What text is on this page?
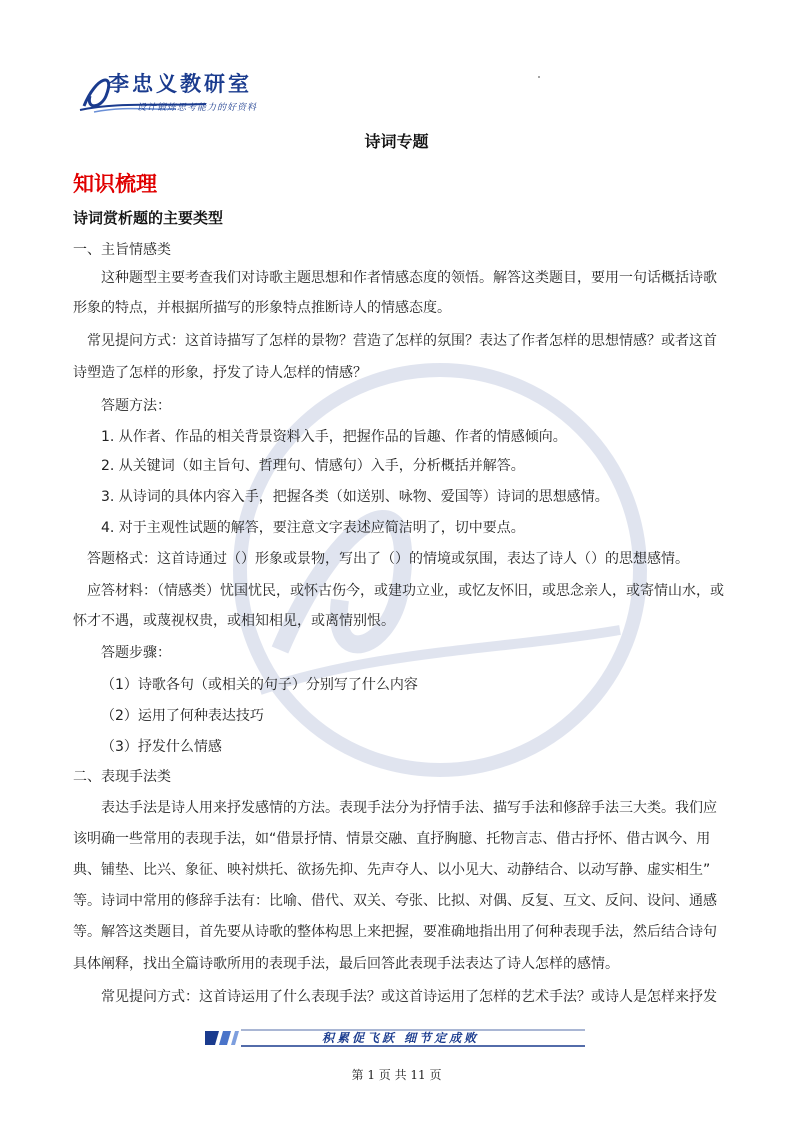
李忠义教研室
设计锻炼思考能力的好资料
诗词专题
知识梳理
诗词赏析题的主要类型
一、主旨情感类
这种题型主要考查我们对诗歌主题思想和作者情感态度的领悟。解答这类题目，要用一句话概括诗歌
形象的特点，并根据所描写的形象特点推断诗人的情感态度。
常见提问方式：这首诗描写了怎样的景物？营造了怎样的氛围？表达了作者怎样的思想情感？或者这首
诗塑造了怎样的形象，抒发了诗人怎样的情感？
答题方法：
1. 从作者、作品的相关背景资料入手，把握作品的旨趣、作者的情感倾向。
2. 从关键词（如主旨句、哲理句、情感句）入手，分析概括并解答。
3. 从诗词的具体内容入手，把握各类（如送别、咏物、爱国等）诗词的思想感情。
4. 对于主观性试题的解答，要注意文字表述应简洁明了，切中要点。
答题格式：这首诗通过（）形象或景物，写出了（）的情境或氛围，表达了诗人（）的思想感情。
应答材料：（情感类）忧国忧民，或怀古伤今，或建功立业，或忆友怀旧，或思念亲人，或寄情山水，或
怀才不遇，或蔑视权贵，或相知相见，或离情别恨。
答题步骤：
（1）诗歌各句（或相关的句子）分别写了什么内容
（2）运用了何种表达技巧
（3）抒发什么情感
二、表现手法类
表达手法是诗人用来抒发感情的方法。表现手法分为抒情手法、描写手法和修辞手法三大类。我们应
该明确一些常用的表现手法，如“借景抒情、情景交融、直抒胸臆、托物言志、借古抒怀、借古讽今、用
典、铺垫、比兴、象征、映衬烘托、欲扬先抑、先声夺人、以小见大、动静结合、以动写静、虚实相生”
等。诗词中常用的修辞手法有：比喻、借代、双关、夸张、比拟、对偶、反复、互文、反问、设问、通感
等。解答这类题目，首先要从诗歌的整体构思上来把握，要准确地指出用了何种表现手法，然后结合诗句
具体阐释，找出全篇诗歌所用的表现手法，最后回答此表现手法表达了诗人怎样的感情。
常见提问方式：这首诗运用了什么表现手法？或这首诗运用了怎样的艺术手法？或诗人是怎样来抒发
积累促飞跃 细节定成败
第 1 页 共 11 页
